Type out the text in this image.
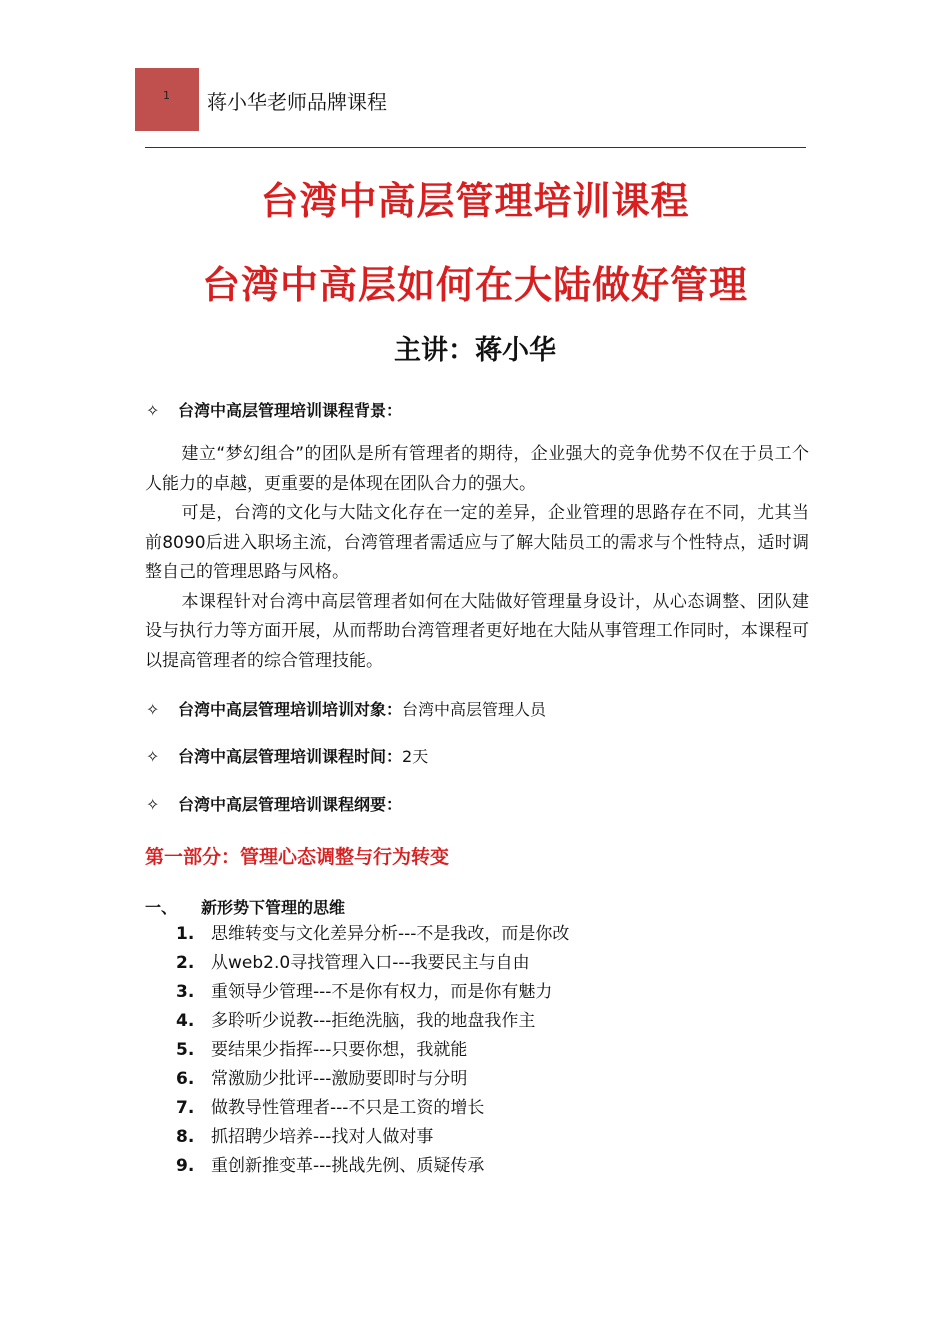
1 蒋小华老师品牌课程
台湾中高层管理培训课程
台湾中高层如何在大陆做好管理
主讲：蒋小华
✧ 台湾中高层管理培训课程背景：

建立“梦幻组合”的团队是所有管理者的期待，企业强大的竞争优势不仅在于员工个人能力的卓越，更重要的是体现在团队合力的强大。

可是，台湾的文化与大陆文化存在一定的差异，企业管理的思路存在不同，尤其当前8090后进入职场主流，台湾管理者需适应与了解大陆员工的需求与个性特点，适时调整自己的管理思路与风格。

本课程针对台湾中高层管理者如何在大陆做好管理量身设计，从心态调整、团队建设与执行力等方面开展，从而帮助台湾管理者更好地在大陆从事管理工作同时，本课程可以提高管理者的综合管理技能。

✧ 台湾中高层管理培训培训对象：台湾中高层管理人员
✧ 台湾中高层管理培训课程时间：2天
✧ 台湾中高层管理培训课程纲要：
第一部分：管理心态调整与行为转变
一、 新形势下管理的思维
1. 思维转变与文化差异分析---不是我改，而是你改
2. 从web2.0寻找管理入口---我要民主与自由
3. 重领导少管理---不是你有权力，而是你有魅力
4. 多聆听少说教---拒绝洗脑，我的地盘我作主
5. 要结果少指挥---只要你想，我就能
6. 常激励少批评---激励要即时与分明
7. 做教导性管理者---不只是工资的增长
8. 抓招聘少培养---找对人做对事
9. 重创新推变革---挑战先例、质疑传承
